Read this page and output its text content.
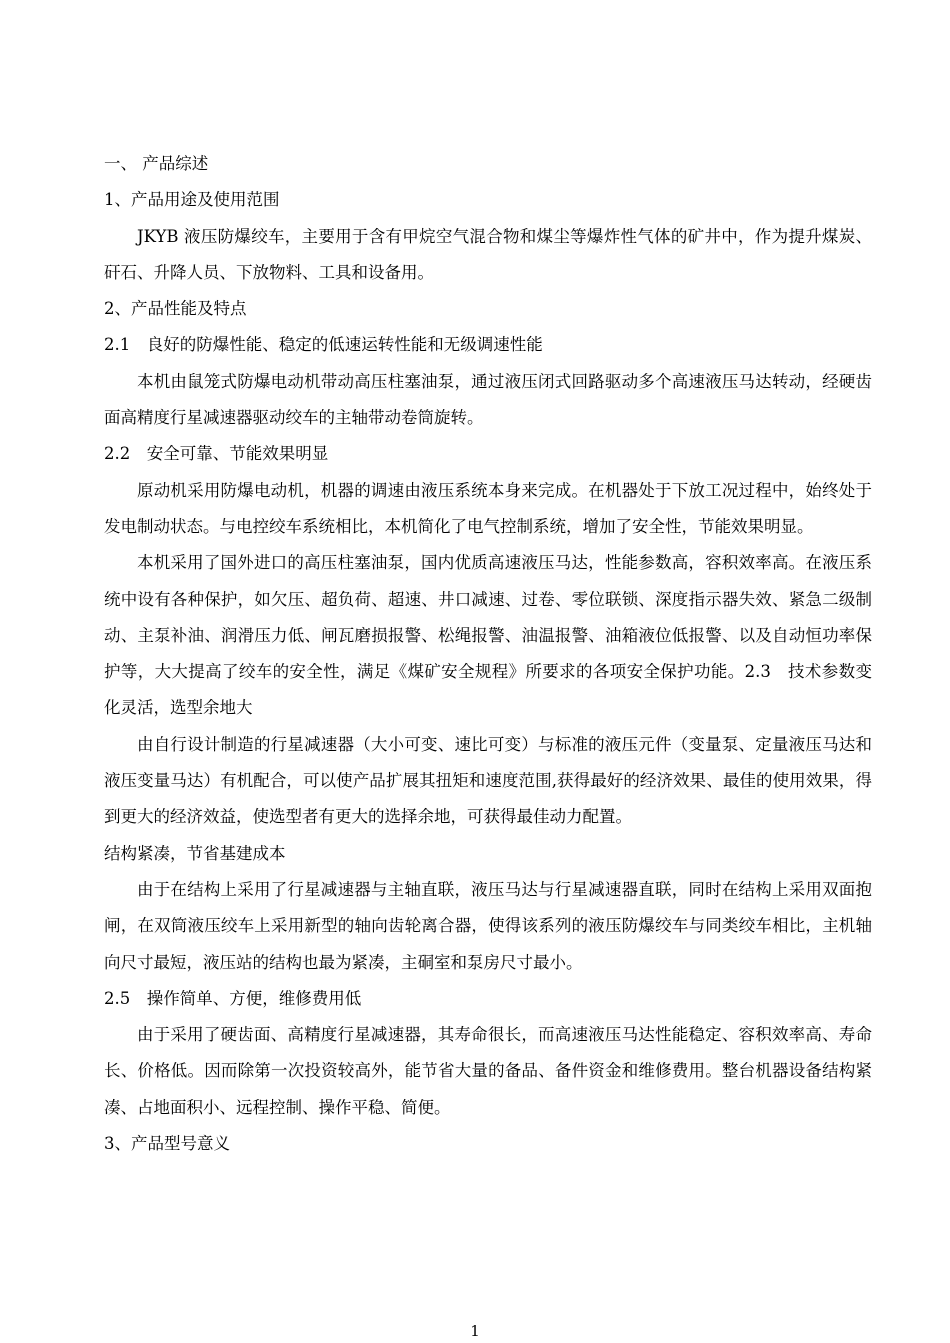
一、 产品综述
1、产品用途及使用范围

JKYB 液压防爆绞车，主要用于含有甲烷空气混合物和煤尘等爆炸性气体的矿井中，作为提升煤炭、矸石、升降人员、下放物料、工具和设备用。

2、产品性能及特点
2.1　良好的防爆性能、稳定的低速运转性能和无级调速性能

本机由鼠笼式防爆电动机带动高压柱塞油泵，通过液压闭式回路驱动多个高速液压马达转动，经硬齿面高精度行星减速器驱动绞车的主轴带动卷筒旋转。

2.2　安全可靠、节能效果明显

原动机采用防爆电动机，机器的调速由液压系统本身来完成。在机器处于下放工况过程中，始终处于发电制动状态。与电控绞车系统相比，本机简化了电气控制系统，增加了安全性，节能效果明显。

本机采用了国外进口的高压柱塞油泵，国内优质高速液压马达，性能参数高，容积效率高。在液压系统中设有各种保护，如欠压、超负荷、超速、井口减速、过卷、零位联锁、深度指示器失效、紧急二级制动、主泵补油、润滑压力低、闸瓦磨损报警、松绳报警、油温报警、油箱液位低报警、以及自动恒功率保护等，大大提高了绞车的安全性，满足《煤矿安全规程》所要求的各项安全保护功能。2.3　技术参数变化灵活，选型余地大

由自行设计制造的行星减速器（大小可变、速比可变）与标准的液压元件（变量泵、定量液压马达和液压变量马达）有机配合，可以使产品扩展其扭矩和速度范围,获得最好的经济效果、最佳的使用效果，得到更大的经济效益，使选型者有更大的选择余地，可获得最佳动力配置。

结构紧凑，节省基建成本

由于在结构上采用了行星减速器与主轴直联，液压马达与行星减速器直联，同时在结构上采用双面抱闸，在双筒液压绞车上采用新型的轴向齿轮离合器，使得该系列的液压防爆绞车与同类绞车相比，主机轴向尺寸最短，液压站的结构也最为紧凑，主硐室和泵房尺寸最小。

2.5　操作简单、方便，维修费用低

由于采用了硬齿面、高精度行星减速器，其寿命很长，而高速液压马达性能稳定、容积效率高、寿命长、价格低。因而除第一次投资较高外，能节省大量的备品、备件资金和维修费用。整台机器设备结构紧凑、占地面积小、远程控制、操作平稳、简便。

3、产品型号意义
1
